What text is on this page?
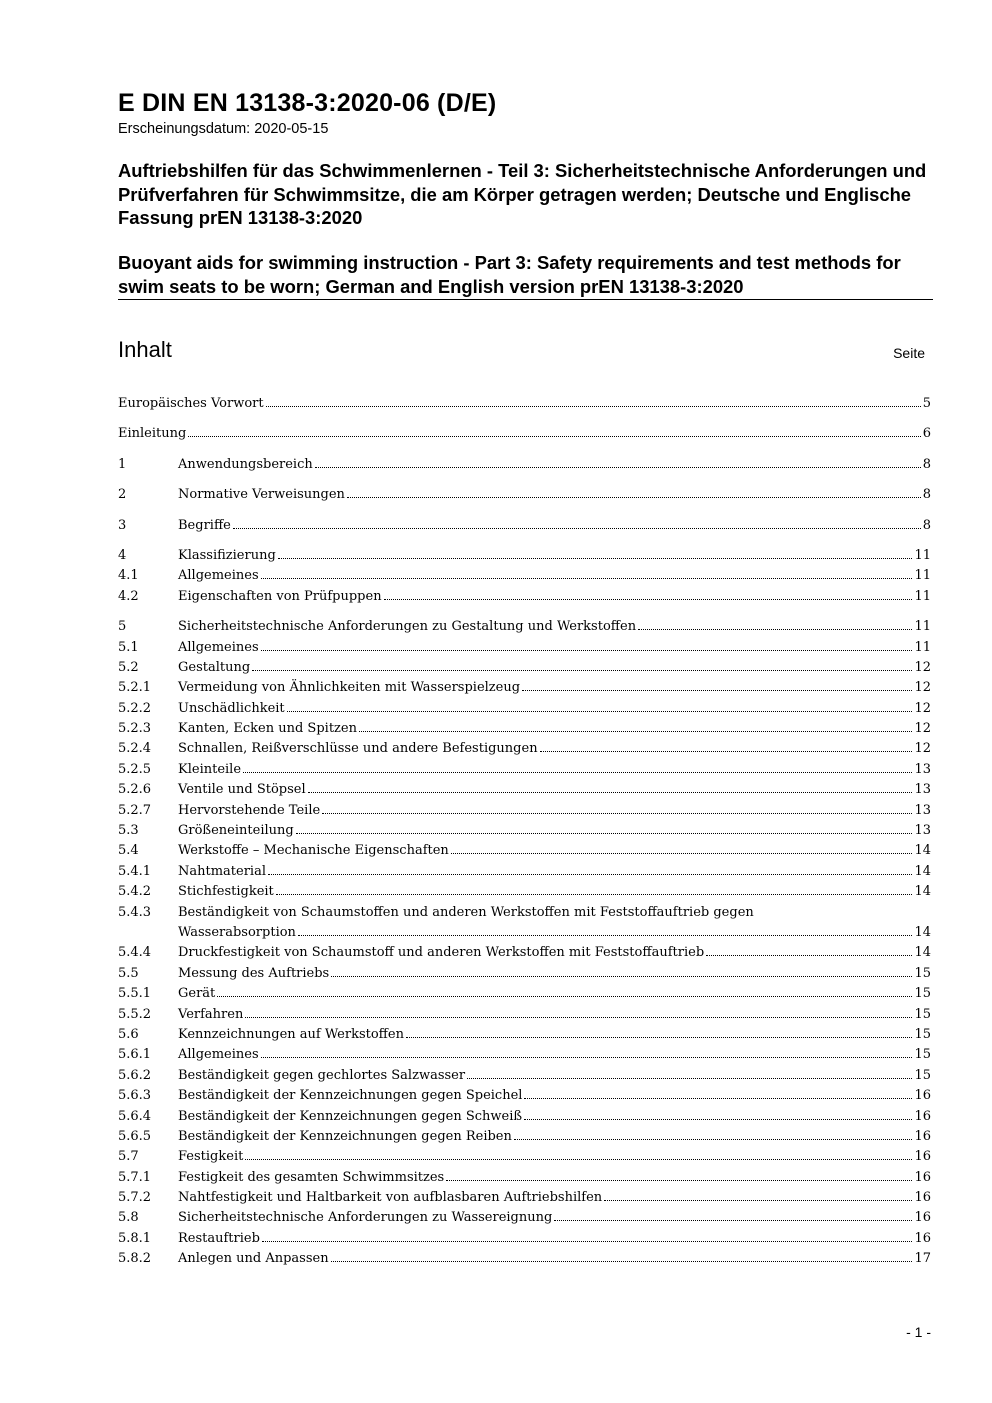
E DIN EN 13138-3:2020-06 (D/E)
Erscheinungsdatum: 2020-05-15
Auftriebshilfen für das Schwimmenlernen - Teil 3: Sicherheitstechnische Anforderungen und Prüfverfahren für Schwimmsitze, die am Körper getragen werden; Deutsche und Englische Fassung prEN 13138-3:2020
Buoyant aids for swimming instruction - Part 3: Safety requirements and test methods for swim seats to be worn; German and English version prEN 13138-3:2020
Inhalt	Seite
Europäisches Vorwort	5
Einleitung	6
1	Anwendungsbereich	8
2	Normative Verweisungen	8
3	Begriffe	8
4	Klassifizierung	11
4.1	Allgemeines	11
4.2	Eigenschaften von Prüfpuppen	11
5	Sicherheitstechnische Anforderungen zu Gestaltung und Werkstoffen	11
5.1	Allgemeines	11
5.2	Gestaltung	12
5.2.1	Vermeidung von Ähnlichkeiten mit Wasserspielzeug	12
5.2.2	Unschädlichkeit	12
5.2.3	Kanten, Ecken und Spitzen	12
5.2.4	Schnallen, Reißverschlüsse und andere Befestigungen	12
5.2.5	Kleinteile	13
5.2.6	Ventile und Stöpsel	13
5.2.7	Hervorstehende Teile	13
5.3	Größeneinteilung	13
5.4	Werkstoffe – Mechanische Eigenschaften	14
5.4.1	Nahtmaterial	14
5.4.2	Stichfestigkeit	14
5.4.3	Beständigkeit von Schaumstoffen und anderen Werkstoffen mit Feststoffauftrieb gegen
Wasserabsorption	14
5.4.4	Druckfestigkeit von Schaumstoff und anderen Werkstoffen mit Feststoffauftrieb	14
5.5	Messung des Auftriebs	15
5.5.1	Gerät	15
5.5.2	Verfahren	15
5.6	Kennzeichnungen auf Werkstoffen	15
5.6.1	Allgemeines	15
5.6.2	Beständigkeit gegen gechlortes Salzwasser	15
5.6.3	Beständigkeit der Kennzeichnungen gegen Speichel	16
5.6.4	Beständigkeit der Kennzeichnungen gegen Schweiß	16
5.6.5	Beständigkeit der Kennzeichnungen gegen Reiben	16
5.7	Festigkeit	16
5.7.1	Festigkeit des gesamten Schwimmsitzes	16
5.7.2	Nahtfestigkeit und Haltbarkeit von aufblasbaren Auftriebshilfen	16
5.8	Sicherheitstechnische Anforderungen zu Wassereignung	16
5.8.1	Restauftrieb	16
5.8.2	Anlegen und Anpassen	17
- 1 -
